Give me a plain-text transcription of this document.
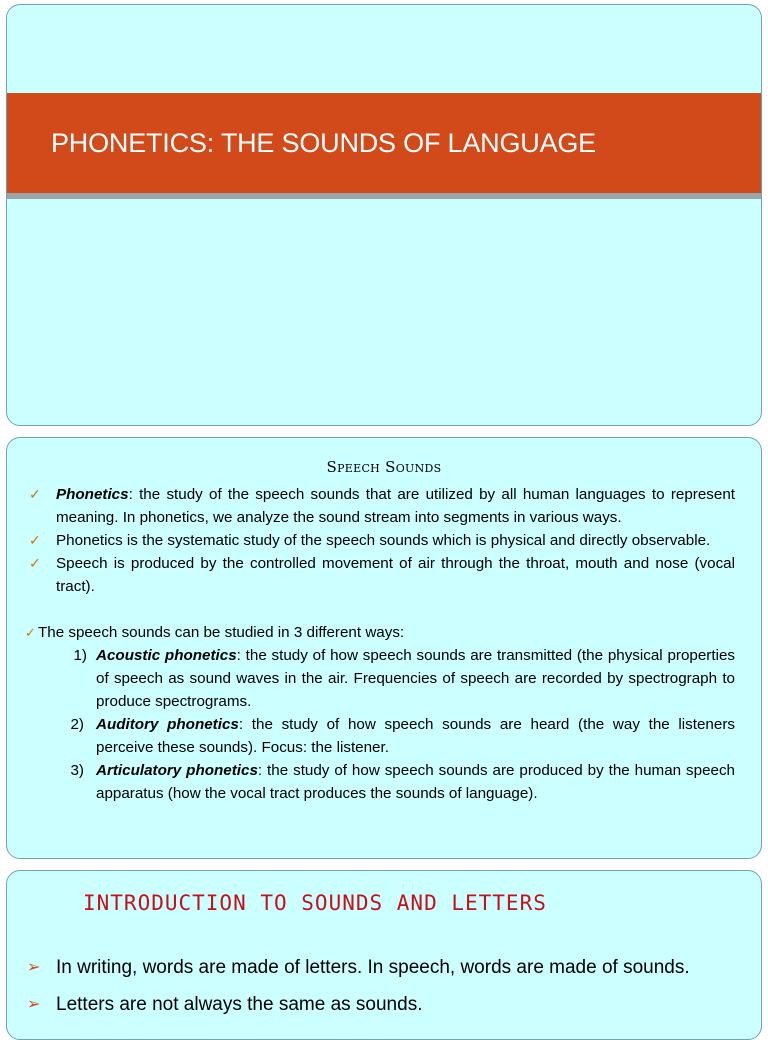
PHONETICS: THE SOUNDS OF LANGUAGE
Speech Sounds
✓ Phonetics: the study of the speech sounds that are utilized by all human languages to represent meaning. In phonetics, we analyze the sound stream into segments in various ways.
✓ Phonetics is the systematic study of the speech sounds which is physical and directly observable.
✓ Speech is produced by the controlled movement of air through the throat, mouth and nose (vocal tract).
✓ The speech sounds can be studied in 3 different ways:
1) Acoustic phonetics: the study of how speech sounds are transmitted (the physical properties of speech as sound waves in the air. Frequencies of speech are recorded by spectrograph to produce spectrograms.
2) Auditory phonetics: the study of how speech sounds are heard (the way the listeners perceive these sounds). Focus: the listener.
3) Articulatory phonetics: the study of how speech sounds are produced by the human speech apparatus (how the vocal tract produces the sounds of language).
INTRODUCTION TO SOUNDS AND LETTERS
➢ In writing, words are made of letters. In speech, words are made of sounds.
➢ Letters are not always the same as sounds.
